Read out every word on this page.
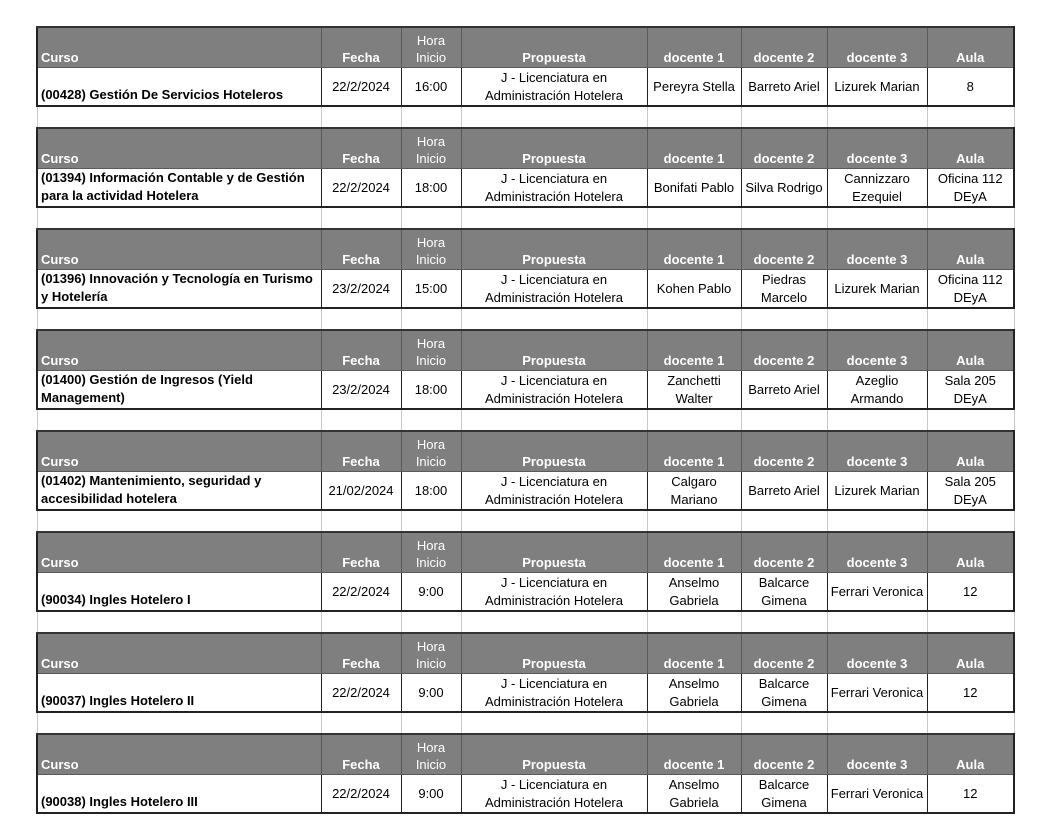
Curso	Fecha	Hora Inicio	Propuesta	docente 1	docente 2	docente 3	Aula
(00428) Gestión De Servicios Hoteleros	22/2/2024	16:00	J - Licenciatura en Administración Hotelera	Pereyra Stella	Barreto Ariel	Lizurek Marian	8

Curso	Fecha	Hora Inicio	Propuesta	docente 1	docente 2	docente 3	Aula
(01394) Información Contable y de Gestión para la actividad Hotelera	22/2/2024	18:00	J - Licenciatura en Administración Hotelera	Bonifati Pablo	Silva Rodrigo	Cannizzaro Ezequiel	Oficina 112 DEyA

Curso	Fecha	Hora Inicio	Propuesta	docente 1	docente 2	docente 3	Aula
(01396) Innovación y Tecnología en Turismo y Hotelería	23/2/2024	15:00	J - Licenciatura en Administración Hotelera	Kohen Pablo	Piedras Marcelo	Lizurek Marian	Oficina 112 DEyA

Curso	Fecha	Hora Inicio	Propuesta	docente 1	docente 2	docente 3	Aula
(01400) Gestión de Ingresos (Yield Management)	23/2/2024	18:00	J - Licenciatura en Administración Hotelera	Zanchetti Walter	Barreto Ariel	Azeglio Armando	Sala 205 DEyA

Curso	Fecha	Hora Inicio	Propuesta	docente 1	docente 2	docente 3	Aula
(01402) Mantenimiento, seguridad y accesibilidad hotelera	21/02/2024	18:00	J - Licenciatura en Administración Hotelera	Calgaro Mariano	Barreto Ariel	Lizurek Marian	Sala 205 DEyA

Curso	Fecha	Hora Inicio	Propuesta	docente 1	docente 2	docente 3	Aula
(90034) Ingles Hotelero I	22/2/2024	9:00	J - Licenciatura en Administración Hotelera	Anselmo Gabriela	Balcarce Gimena	Ferrari Veronica	12

Curso	Fecha	Hora Inicio	Propuesta	docente 1	docente 2	docente 3	Aula
(90037) Ingles Hotelero II	22/2/2024	9:00	J - Licenciatura en Administración Hotelera	Anselmo Gabriela	Balcarce Gimena	Ferrari Veronica	12

Curso	Fecha	Hora Inicio	Propuesta	docente 1	docente 2	docente 3	Aula
(90038) Ingles Hotelero III	22/2/2024	9:00	J - Licenciatura en Administración Hotelera	Anselmo Gabriela	Balcarce Gimena	Ferrari Veronica	12
